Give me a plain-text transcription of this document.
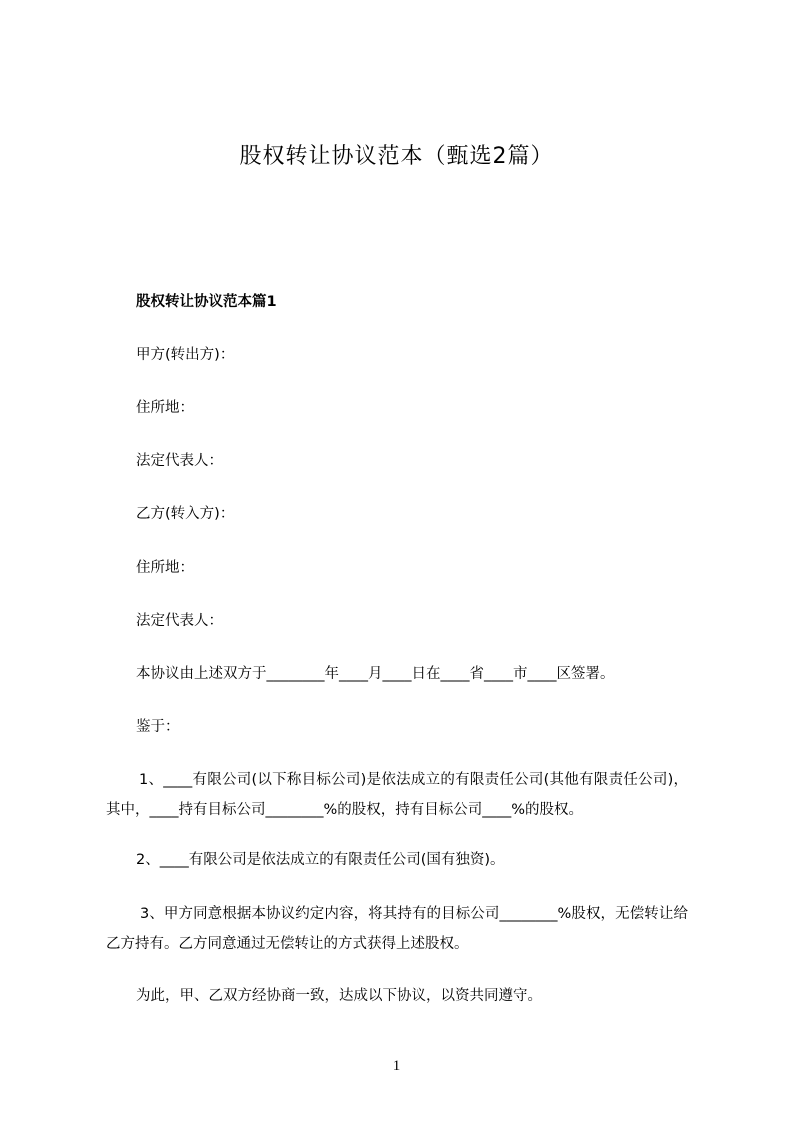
股权转让协议范本（甄选2篇）

股权转让协议范本篇1

甲方(转出方)：

住所地：

法定代表人：

乙方(转入方)：

住所地：

法定代表人：

本协议由上述双方于________年____月____日在____省____市____区签署。

鉴于：

1、____有限公司(以下称目标公司)是依法成立的有限责任公司(其他有限责任公司)，其中，____持有目标公司________%的股权，持有目标公司____%的股权。

2、____有限公司是依法成立的有限责任公司(国有独资)。

3、甲方同意根据本协议约定内容，将其持有的目标公司________%股权，无偿转让给乙方持有。乙方同意通过无偿转让的方式获得上述股权。

为此，甲、乙双方经协商一致，达成以下协议，以资共同遵守。

1
